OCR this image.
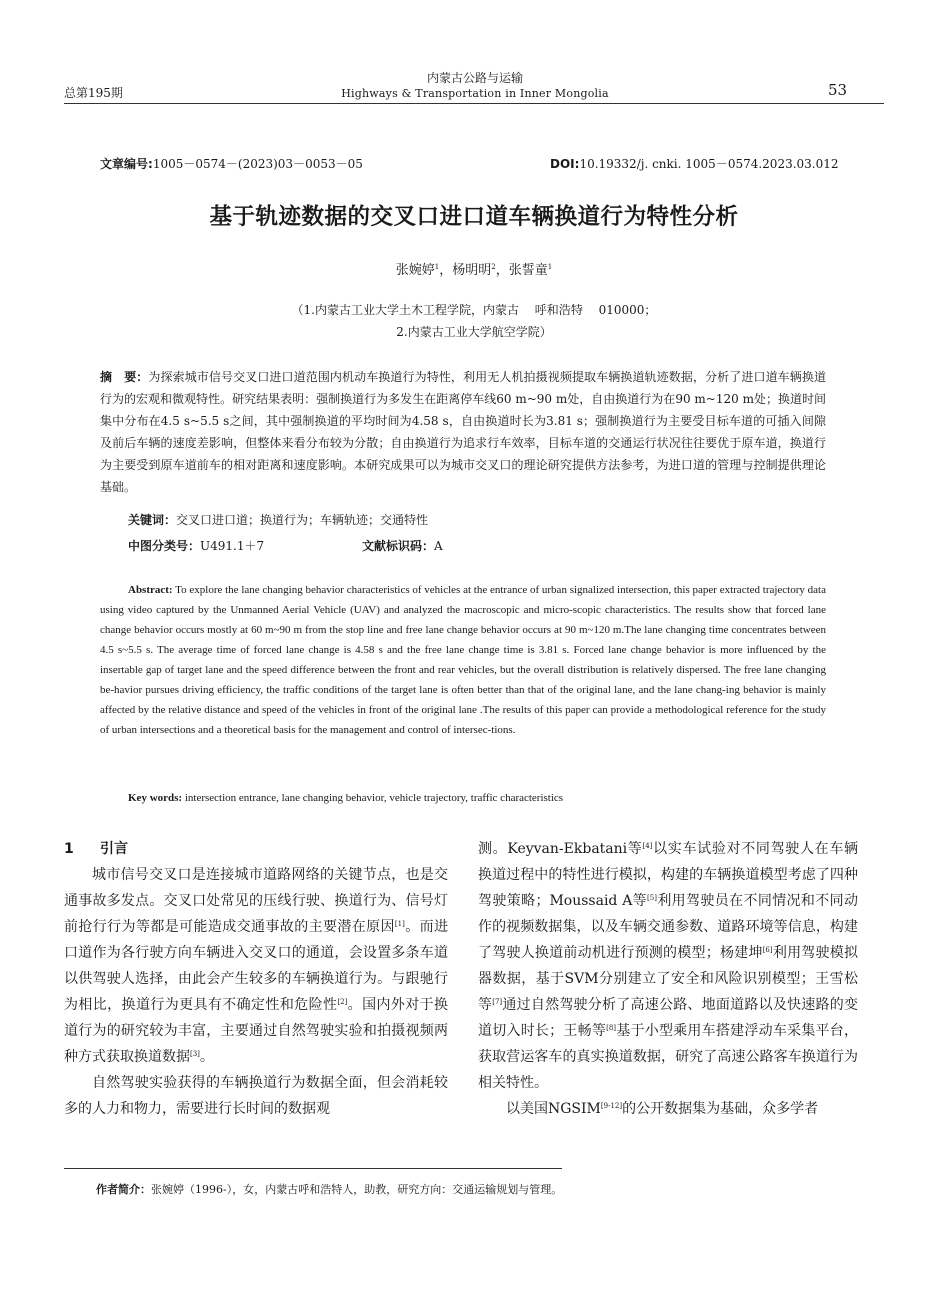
总第195期
内蒙古公路与运输
Highways & Transportation in Inner Mongolia	53
文章编号:1005－0574－(2023)03－0053－05	DOI:10.19332/j. cnki. 1005－0574.2023.03.012
基于轨迹数据的交叉口进口道车辆换道行为特性分析
张婉婷$^1$，杨明明$^2$，张誓童$^1$
（1.内蒙古工业大学土木工程学院，内蒙古　 呼和浩特　 010000；
2.内蒙古工业大学航空学院）
摘　要：为探索城市信号交叉口进口道范围内机动车换道行为特性，利用无人机拍摄视频提取车辆换道轨迹数据，分析了进口道车辆换道行为的宏观和微观特性。研究结果表明：强制换道行为多发生在距离停车线60 m~90 m处，自由换道行为在90 m~120 m处；换道时间集中分布在4.5 s~5.5 s之间，其中强制换道的平均时间为4.58 s，自由换道时长为3.81 s；强制换道行为主要受目标车道的可插入间隙及前后车辆的速度差影响，但整体来看分布较为分散；自由换道行为追求行车效率，目标车道的交通运行状况往往要优于原车道，换道行为主要受到原车道前车的相对距离和速度影响。本研究成果可以为城市交叉口的理论研究提供方法参考，为进口道的管理与控制提供理论基础。
关键词：交叉口进口道；换道行为；车辆轨迹；交通特性
中图分类号：U491.1＋7	文献标识码：A
Abstract: To explore the lane changing behavior characteristics of vehicles at the entrance of urban signalized intersection, this paper extracted trajectory data using video captured by the Unmanned Aerial Vehicle (UAV) and analyzed the macroscopic and micro-scopic characteristics. The results show that forced lane change behavior occurs mostly at 60 m~90 m from the stop line and free lane change behavior occurs at 90 m~120 m.The lane changing time concentrates between 4.5 s~5.5 s. The average time of forced lane change is 4.58 s and the free lane change time is 3.81 s. Forced lane change behavior is more influenced by the insertable gap of target lane and the speed difference between the front and rear vehicles, but the overall distribution is relatively dispersed. The free lane changing be-havior pursues driving efficiency, the traffic conditions of the target lane is often better than that of the original lane, and the lane chang-ing behavior is mainly affected by the relative distance and speed of the vehicles in front of the original lane .The results of this paper can provide a methodological reference for the study of urban intersections and a theoretical basis for the management and control of intersec-tions.
Key words: intersection entrance, lane changing behavior, vehicle trajectory, traffic characteristics
1 引言

城市信号交叉口是连接城市道路网络的关键节点，也是交通事故多发点。交叉口处常见的压线行驶、换道行为、信号灯前抢行行为等都是可能造成交通事故的主要潜在原因[1]。而进口道作为各行驶方向车辆进入交叉口的通道，会设置多条车道以供驾驶人选择，由此会产生较多的车辆换道行为。与跟驰行为相比，换道行为更具有不确定性和危险性[2]。国内外对于换道行为的研究较为丰富，主要通过自然驾驶实验和拍摄视频两种方式获取换道数据[3]。

自然驾驶实验获得的车辆换道行为数据全面，但会消耗较多的人力和物力，需要进行长时间的数据观

测。Keyvan-Ekbatani等[4]以实车试验对不同驾驶人在车辆换道过程中的特性进行模拟，构建的车辆换道模型考虑了四种驾驶策略；Moussaid A等[5]利用驾驶员在不同情况和不同动作的视频数据集，以及车辆交通参数、道路环境等信息，构建了驾驶人换道前动机进行预测的模型；杨建坤[6]利用驾驶模拟器数据，基于SVM分别建立了安全和风险识别模型；王雪松等[7]通过自然驾驶分析了高速公路、地面道路以及快速路的变道切入时长；王畅等[8]基于小型乘用车搭建浮动车采集平台，获取营运客车的真实换道数据，研究了高速公路客车换道行为相关特性。

以美国NGSIM[9-12]的公开数据集为基础，众多学者

作者简介：张婉婷（1996-），女，内蒙古呼和浩特人，助教，研究方向：交通运输规划与管理。
